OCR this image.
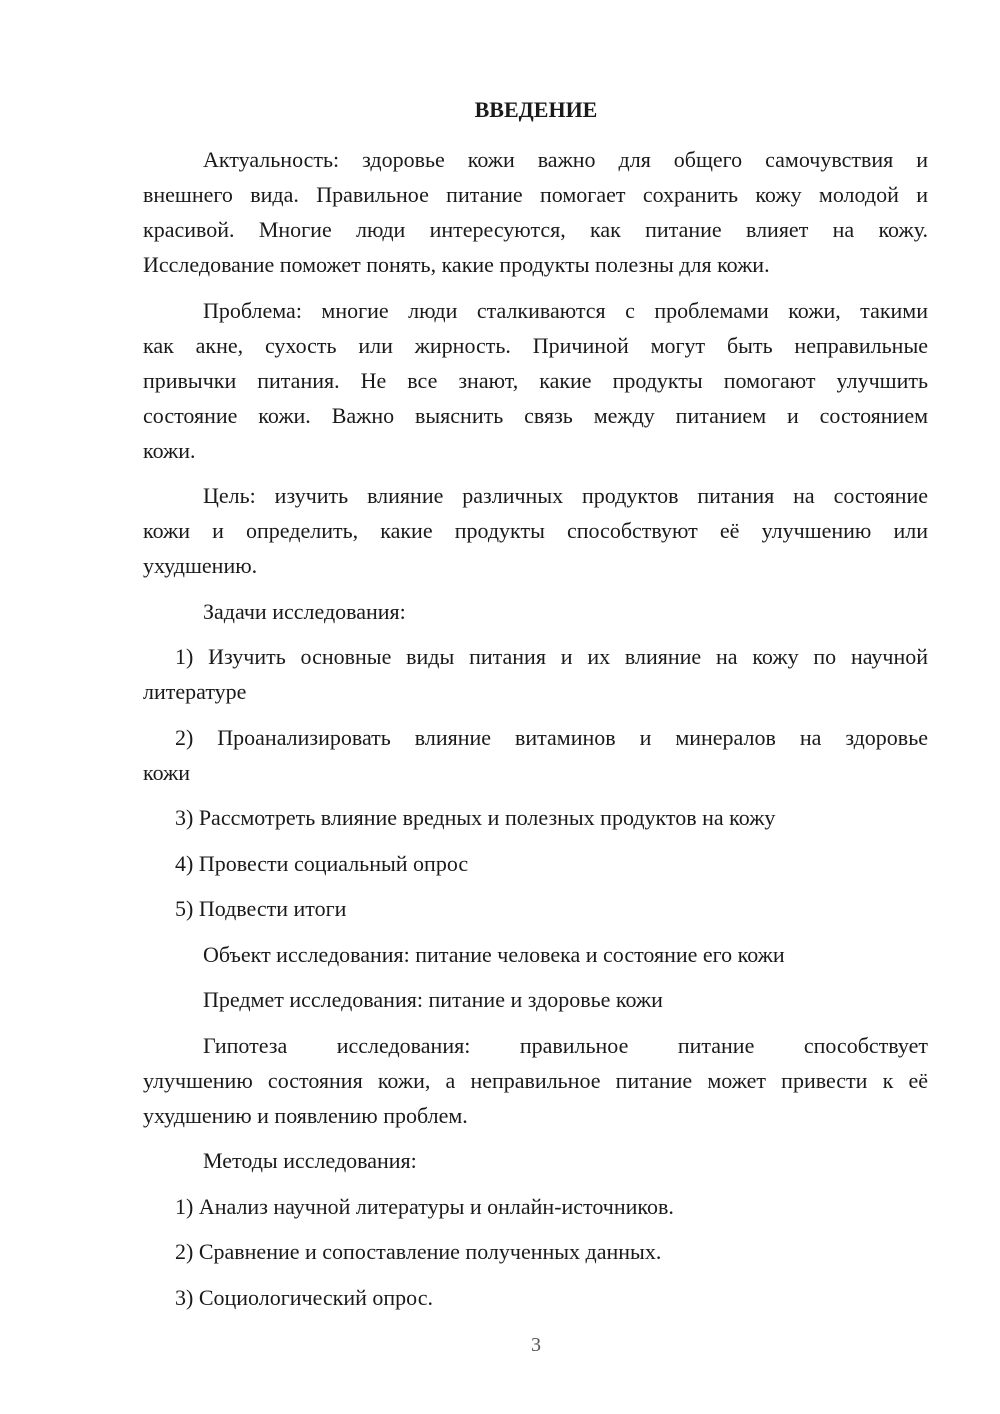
ВВЕДЕНИЕ
Актуальность: здоровье кожи важно для общего самочувствия и
внешнего вида. Правильное питание помогает сохранить кожу молодой и
красивой. Многие люди интересуются, как питание влияет на кожу.
Исследование поможет понять, какие продукты полезны для кожи.
Проблема: многие люди сталкиваются с проблемами кожи, такими
как акне, сухость или жирность. Причиной могут быть неправильные
привычки питания. Не все знают, какие продукты помогают улучшить
состояние кожи. Важно выяснить связь между питанием и состоянием
кожи.
Цель: изучить влияние различных продуктов питания на состояние
кожи и определить, какие продукты способствуют её улучшению или
ухудшению.
Задачи исследования:
1) Изучить основные виды питания и их влияние на кожу по научной
литературе
2) Проанализировать влияние витаминов и минералов на здоровье
кожи
3) Рассмотреть влияние вредных и полезных продуктов на кожу
4) Провести социальный опрос
5) Подвести итоги
Объект исследования: питание человека и состояние его кожи
Предмет исследования: питание и здоровье кожи
Гипотеза исследования: правильное питание способствует
улучшению состояния кожи, а неправильное питание может привести к её
ухудшению и появлению проблем.
Методы исследования:
1) Анализ научной литературы и онлайн-источников.
2) Сравнение и сопоставление полученных данных.
3) Социологический опрос.
3
